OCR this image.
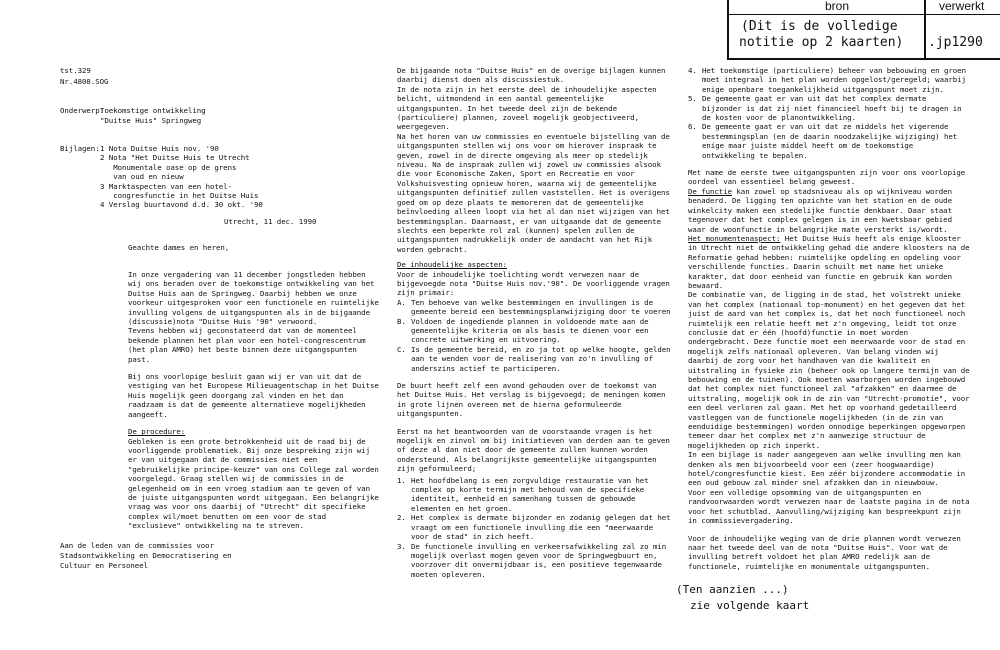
bron	verwerkt
(Dit is de volledige
notitie op 2 kaarten) .jp1290
tst.329
Nr.4808.SOG
Onderwerp:
Toekomstige ontwikkeling
"Duitse Huis" Springweg
Bijlagen: 1 Nota Duitse Huis nov. '90
2 Nota "Het Duitse Huis te Utrecht
Monumentale oase op de grens
van oud en nieuw
3 Marktaspecten van een hotel-
congresfunctie in het Duitse Huis
4 Verslag buurtavond d.d. 30 okt. '90
Utrecht, 11 dec. 1990
Geachte dames en heren,

In onze vergadering van 11 december jongstleden hebben wij ons beraden over de toekomstige ontwikkeling van het Duitse Huis aan de Springweg. Daarbij hebben we onze voorkeur uitgesproken voor een functionele en ruimtelijke invulling volgens de uitgangspunten als in de bijgaande (discussie)nota "Duitse Huis '90" verwoord.

Tevens hebben wij geconstateerd dat van de momenteel bekende plannen het plan voor een hotel-congrescentrum (het plan AMRO) het beste binnen deze uitgangspunten past.

Bij ons voorlopige besluit gaan wij er van uit dat de vestiging van het Europese Milieuagentschap in het Duitse Huis mogelijk geen doorgang zal vinden en het dan raadzaam is dat de gemeente alternatieve mogelijkheden aangeeft.

De procedure:

Gebleken is een grote betrokkenheid uit de raad bij de voorliggende problematiek. Bij onze bespreking zijn wij er van uitgegaan dat de commissies niet een "gebruikelijke principe-keuze" van ons College zal worden voorgelegd. Graag stellen wij de commissies in de gelegenheid om in een vroeg stadium aan te geven of van de juiste uitgangspunten wordt uitgegaan. Een belangrijke vraag was voor ons daarbij of "Utrecht" dit specifieke complex wil/moet benutten om een voor de stad "exclusieve" ontwikkeling na te streven.

Aan de leden van de commissies voor
Stadsontwikkeling en Democratisering en
Cultuur en Personeel

De bijgaande nota "Duitse Huis" en de overige bijlagen kunnen daarbij dienst doen als discussiestuk.

In de nota zijn in het eerste deel de inhoudelijke aspecten belicht, uitmondend in een aantal gemeentelijke uitgangspunten. In het tweede deel zijn de bekende (particuliere) plannen, zoveel mogelijk geobjectiveerd, weergegeven.

Na het horen van uw commissies en eventuele bijstelling van de uitgangspunten stellen wij ons voor om hierover inspraak te geven, zowel in de directe omgeving als meer op stedelijk niveau. Na de inspraak zullen wij zowel uw commissies alsook die voor Economische Zaken, Sport en Recreatie en voor Volkshuisvesting opnieuw horen, waarna wij de gemeentelijke uitgangspunten definitief zullen vaststellen. Het is overigens goed om op deze plaats te memoreren dat de gemeentelijke beïnvloeding alleen loopt via het al dan niet wijzigen van het bestemmingsplan. Daarnaast, er van uitgaande dat de gemeente slechts een beperkte rol zal (kunnen) spelen zullen de uitgangspunten nadrukkelijk onder de aandacht van het Rijk worden gebracht.

De inhoudelijke aspecten:

Voor de inhoudelijke toelichting wordt verwezen naar de bijgevoegde nota "Duitse Huis nov.'90". De voorliggende vragen zijn primair:

A. Ten behoeve van welke bestemmingen en invullingen is de gemeente bereid een bestemmingsplanwijziging door te voeren
B. Voldoen de ingediende plannen in voldoende mate aan de gemeentelijke kriteria om als basis te dienen voor een concrete uitwerking en uitvoering.
C. Is de gemeente bereid, en zo ja tot op welke hoogte, gelden aan te wenden voor de realisering van zo'n invulling of anderszins actief te participeren.

De buurt heeft zelf een avond gehouden over de toekomst van het Duitse Huis. Het verslag is bijgevoegd; de meningen komen in grote lijnen overeen met de hierna geformuleerde uitgangspunten.

Eerst na het beantwoorden van de voorstaande vragen is het mogelijk en zinvol om bij initiatieven van derden aan te geven of deze al dan niet door de gemeente zullen kunnen worden ondersteund. Als belangrijkste gemeentelijke uitgangspunten zijn geformuleerd;

1. Het hoofdbelang is een zorgvuldige restauratie van het complex op korte termijn met behoud van de specifieke identiteit, eenheid en samenhang tussen de gebouwde elementen en het groen.
2. Het complex is dermate bijzonder en zodanig gelegen dat het vraagt om een functionele invulling die een "meerwaarde voor de stad" in zich heeft.
3. De functionele invulling en verkeersafwikkeling zal zo min mogelijk overlast mogen geven voor de Springwegbuurt en, voorzover dit onvermijdbaar is, een positieve tegenwaarde moeten opleveren.
4. Het toekomstige (particuliere) beheer van bebouwing en groen moet integraal in het plan worden opgelost/geregeld; waarbij enige openbare toegankelijkheid uitgangspunt moet zijn.
5. De gemeente gaat er van uit dat het complex dermate bijzonder is dat zij niet financieel hoeft bij te dragen in de kosten voor de planontwikkeling.
6. De gemeente gaat er van uit dat ze middels het vigerende bestemmingsplan (en de daarin noodzakelijke wijziging) het enige maar juiste middel heeft om de toekomstige ontwikkeling te bepalen.

Met name de eerste twee uitgangspunten zijn voor ons voorlopige oordeel van essentieel belang geweest.

De functie kan zowel op stadsniveau als op wijkniveau worden benaderd. De ligging ten opzichte van het station en de oude winkelcity maken een stedelijke functie denkbaar. Daar staat tegenover dat het complex gelegen is in een kwetsbaar gebied waar de woonfunctie in belangrijke mate versterkt is/wordt.

Het monumentenaspect: Het Duitse Huis heeft als enige klooster in Utrecht niet de ontwikkeling gehad die andere kloosters na de Reformatie gehad hebben: ruimtelijke opdeling en opdeling voor verschillende functies. Daarin schuilt met name het unieke karakter, dat door eenheid van functie en gebruik kan worden bewaard.

De combinatie van, de ligging in de stad, het volstrekt unieke van het complex (nationaal top-monument) en het gegeven dat het juist de aard van het complex is, dat het noch functioneel noch ruimtelijk een relatie heeft met z'n omgeving, leidt tot onze conclusie dat er één (hoofd)functie in moet worden ondergebracht. Deze functie moet een meerwaarde voor de stad en mogelijk zelfs nationaal opleveren. Van belang vinden wij daarbij de zorg voor het handhaven van die kwaliteit en uitstraling in fysieke zin (beheer ook op langere termijn van de bebouwing en de tuinen). Ook moeten waarborgen worden ingebouwd dat het complex niet functioneel zal "afzakken" en daarmee de uitstraling, mogelijk ook in de zin van "Utrecht-promotie", voor een deel verloren zal gaan. Met het op voorhand gedetailleerd vastleggen van de functionele mogelijkheden (in de zin van eenduidige bestemmingen) worden onnodige beperkingen opgeworpen temeer daar het complex met z'n aanwezige structuur de mogelijkheden op zich inperkt.

In een bijlage is nader aangegeven aan welke invulling men kan denken als men bijvoorbeeld voor een (zeer hoogwaardige) hotel/congresfunctie kiest. Een zéér bijzondere accommodatie in een oud gebouw zal minder snel afzakken dan in nieuwbouw.

Voor een volledige opsomming van de uitgangspunten en randvoorwaarden wordt verwezen naar de laatste pagina in de nota voor het schutblad. Aanvulling/wijziging kan bespreekpunt zijn in commissievergadering.

Voor de inhoudelijke weging van de drie plannen wordt verwezen naar het tweede deel van de nota "Duitse Huis". Voor wat de invulling betreft voldoet het plan AMRO redelijk aan de functionele, ruimtelijke en monumentale uitgangspunten.

(Ten aanzien ...)
zie volgende kaart
